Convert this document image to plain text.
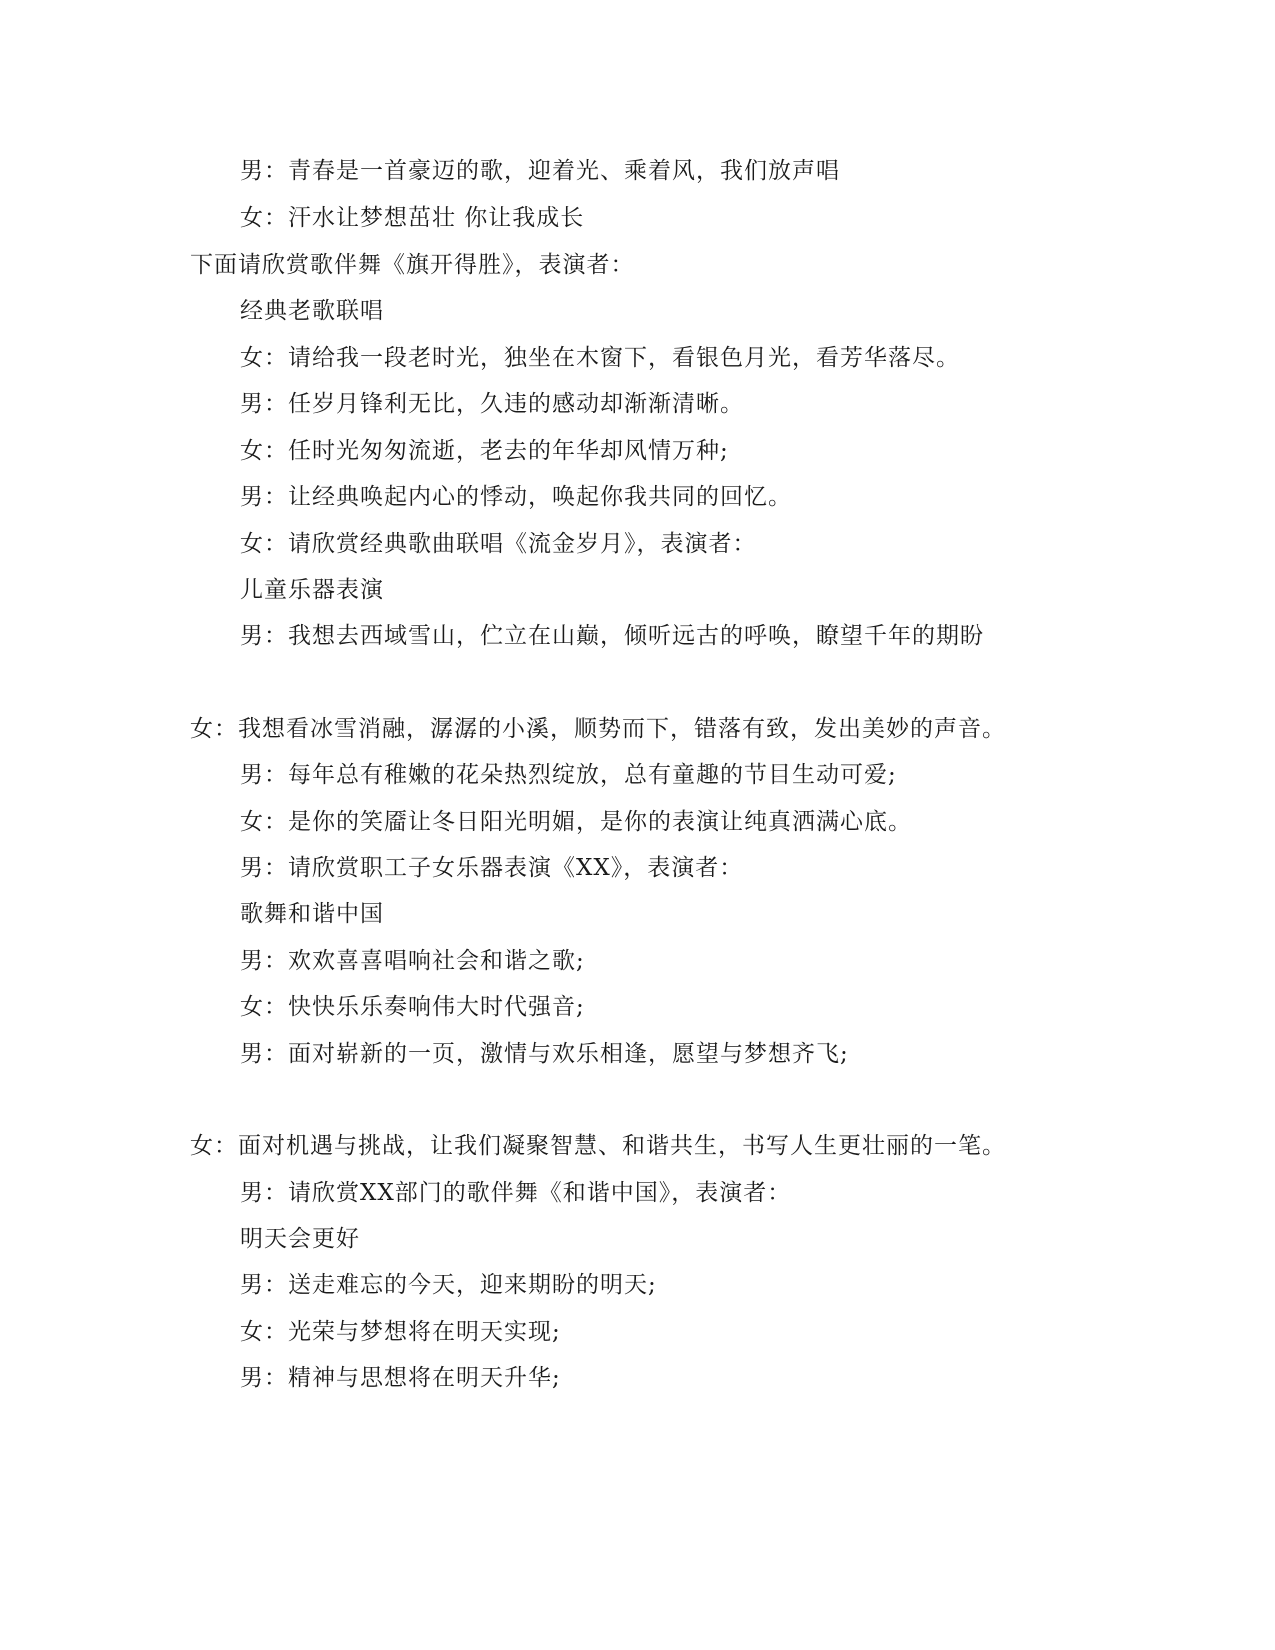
男：青春是一首豪迈的歌，迎着光、乘着风，我们放声唱
女：汗水让梦想茁壮 你让我成长
下面请欣赏歌伴舞《旗开得胜》，表演者：
经典老歌联唱
女：请给我一段老时光，独坐在木窗下，看银色月光，看芳华落尽。
男：任岁月锋利无比，久违的感动却渐渐清晰。
女：任时光匆匆流逝，老去的年华却风情万种;
男：让经典唤起内心的悸动，唤起你我共同的回忆。
女：请欣赏经典歌曲联唱《流金岁月》，表演者：
儿童乐器表演
男：我想去西域雪山，伫立在山巅，倾听远古的呼唤，瞭望千年的期盼
女：我想看冰雪消融，潺潺的小溪，顺势而下，错落有致，发出美妙的声音。
男：每年总有稚嫩的花朵热烈绽放，总有童趣的节目生动可爱;
女：是你的笑靥让冬日阳光明媚，是你的表演让纯真洒满心底。
男：请欣赏职工子女乐器表演《XX》，表演者：
歌舞和谐中国
男：欢欢喜喜唱响社会和谐之歌;
女：快快乐乐奏响伟大时代强音;
男：面对崭新的一页，激情与欢乐相逢，愿望与梦想齐飞;
女：面对机遇与挑战，让我们凝聚智慧、和谐共生，书写人生更壮丽的一笔。
男：请欣赏XX部门的歌伴舞《和谐中国》，表演者：
明天会更好
男：送走难忘的今天，迎来期盼的明天;
女：光荣与梦想将在明天实现;
男：精神与思想将在明天升华;
